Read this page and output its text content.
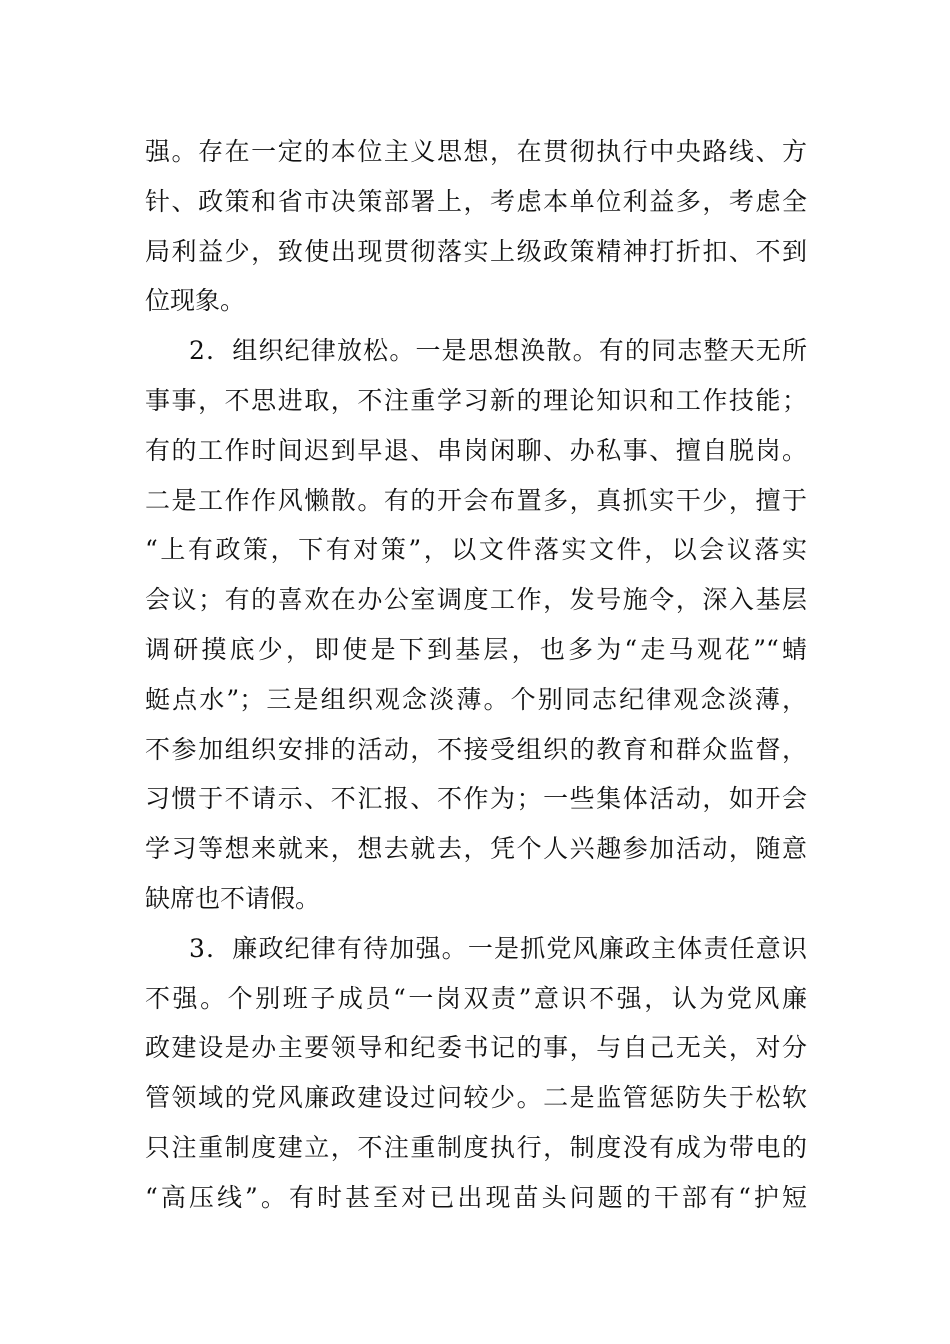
强。存在一定的本位主义思想，在贯彻执行中央路线、方
针、政策和省市决策部署上，考虑本单位利益多，考虑全
局利益少，致使出现贯彻落实上级政策精神打折扣、不到
位现象。
2．组织纪律放松。一是思想涣散。有的同志整天无所
事事，不思进取，不注重学习新的理论知识和工作技能；
有的工作时间迟到早退、串岗闲聊、办私事、擅自脱岗。
二是工作作风懒散。有的开会布置多，真抓实干少，擅于
“上有政策，下有对策”，以文件落实文件，以会议落实
会议；有的喜欢在办公室调度工作，发号施令，深入基层
调研摸底少，即使是下到基层，也多为“走马观花”“蜻
蜓点水”；三是组织观念淡薄。个别同志纪律观念淡薄，
不参加组织安排的活动，不接受组织的教育和群众监督，
习惯于不请示、不汇报、不作为；一些集体活动，如开会
学习等想来就来，想去就去，凭个人兴趣参加活动，随意
缺席也不请假。
3．廉政纪律有待加强。一是抓党风廉政主体责任意识
不强。个别班子成员“一岗双责”意识不强，认为党风廉
政建设是办主要领导和纪委书记的事，与自己无关，对分
管领域的党风廉政建设过问较少。二是监管惩防失于松软
只注重制度建立，不注重制度执行，制度没有成为带电的
“高压线”。有时甚至对已出现苗头问题的干部有“护短
